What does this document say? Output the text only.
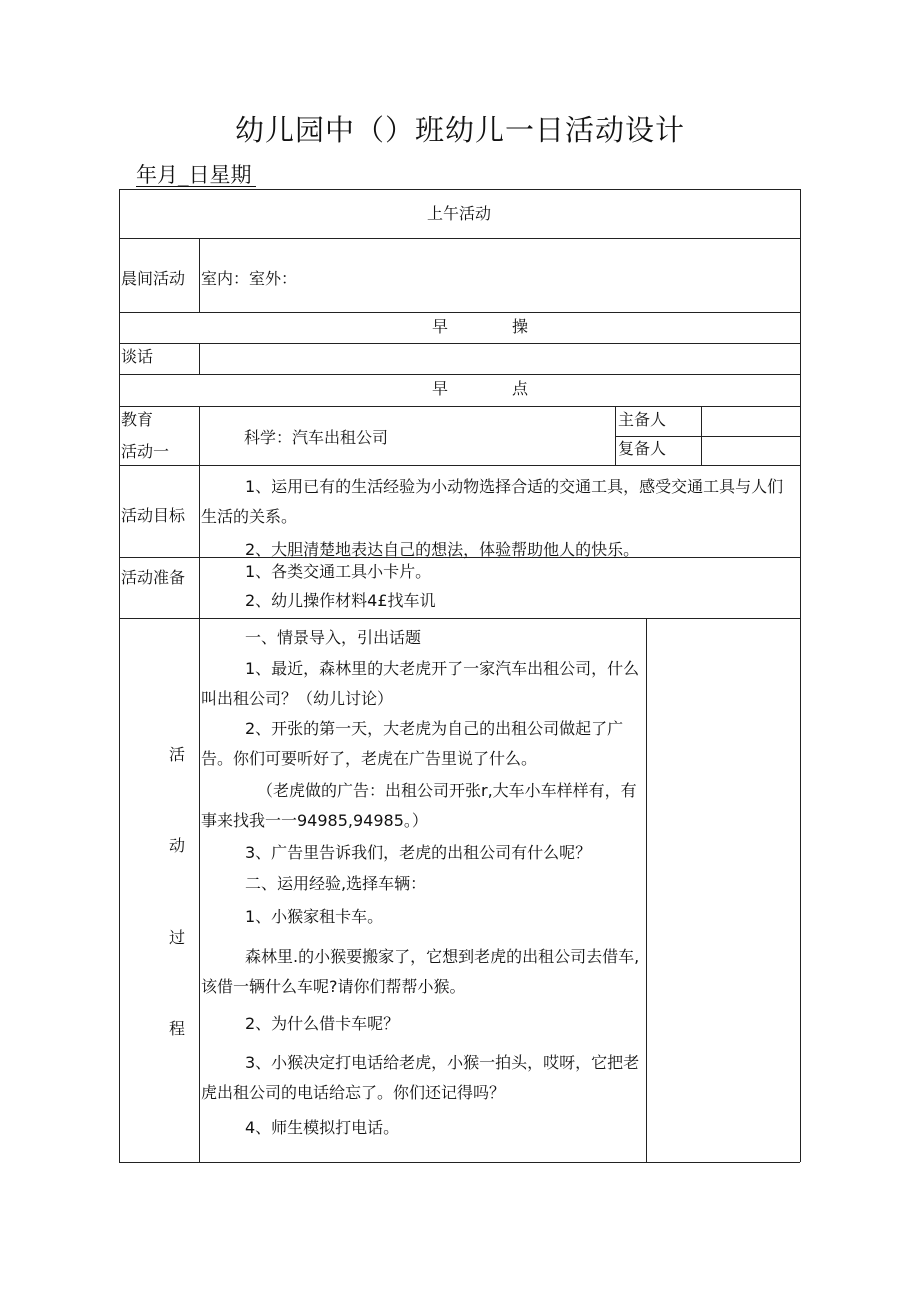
幼儿园中（）班幼儿一日活动设计
年月_日星期
上午活动
晨间活动 室内：室外：
早操
谈话
早点
教育
活动一
科学：汽车出租公司
主备人
复备人
活动目标
1、运用已有的生活经验为小动物选择合适的交通工具，感受交通工具与人们生活的关系。
2、大胆清楚地表达自己的想法，体验帮助他人的快乐。
活动准备	1、各类交通工具小卡片。
2、幼儿操作材料4£找车讥
活
动
过
程
一、情景导入，引出话题
1、最近，森林里的大老虎开了一家汽车出租公司，什么叫出租公司？（幼儿讨论）
2、开张的第一天，大老虎为自己的出租公司做起了广告。你们可要听好了，老虎在广告里说了什么。
（老虎做的广告：出租公司开张r,大车小车样样有，有事来找我一一94985,94985。）
3、广告里告诉我们，老虎的出租公司有什么呢？
二、运用经验,选择车辆：
1、小猴家租卡车。
森林里.的小猴要搬家了，它想到老虎的出租公司去借车,该借一辆什么车呢?请你们帮帮小猴。
2、为什么借卡车呢？
3、小猴决定打电话给老虎，小猴一拍头，哎呀，它把老虎出租公司的电话给忘了。你们还记得吗？
4、师生模拟打电话。
